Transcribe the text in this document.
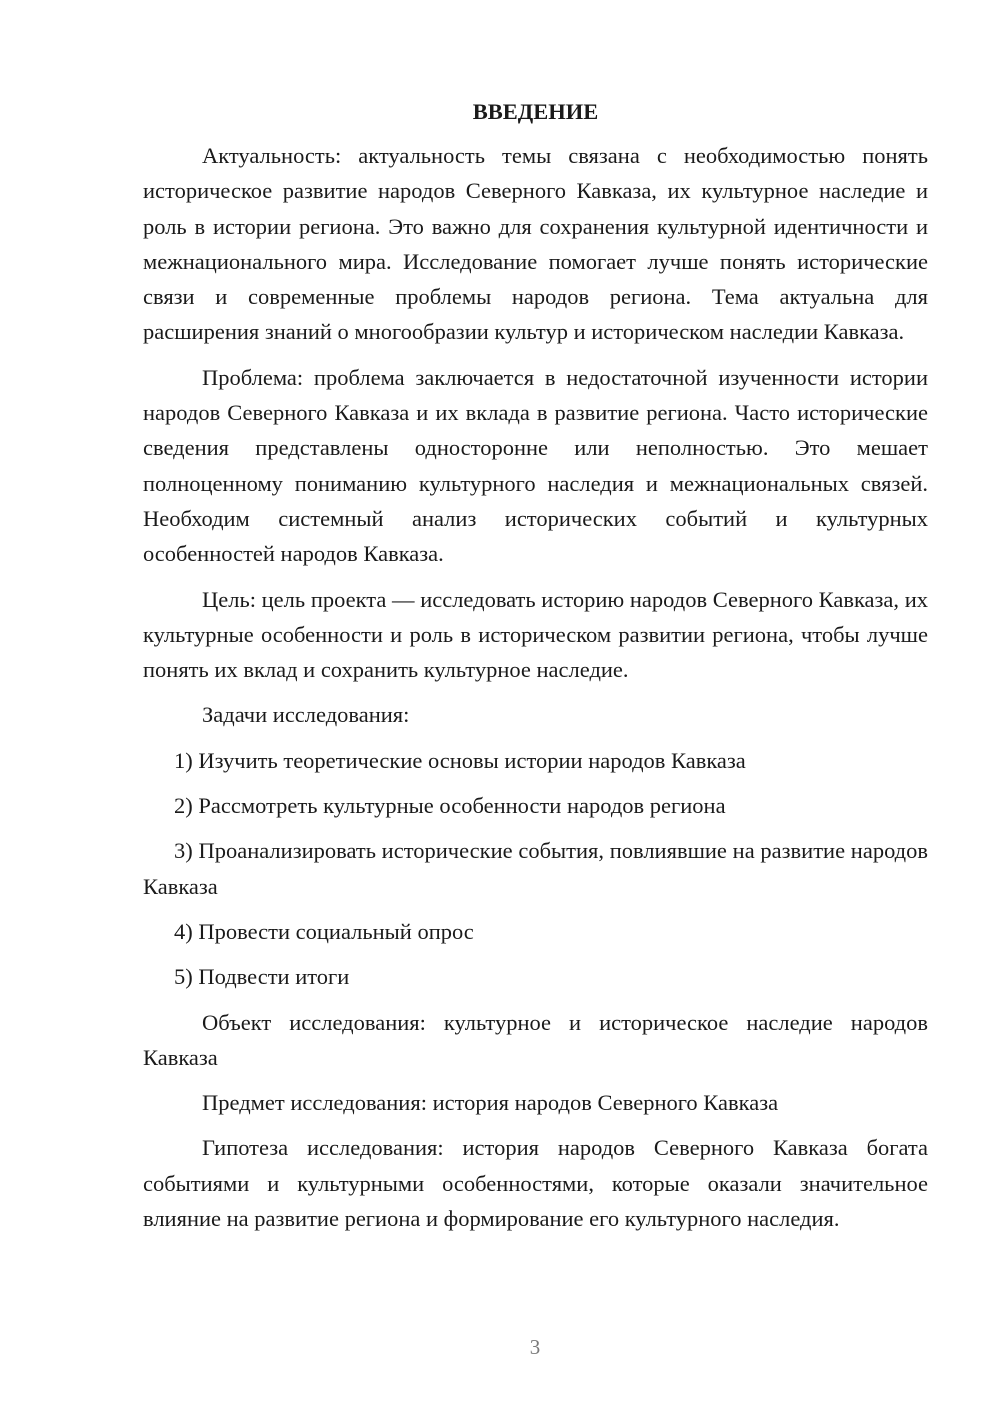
ВВЕДЕНИЕ

Актуальность: актуальность темы связана с необходимостью понять историческое развитие народов Северного Кавказа, их культурное наследие и роль в истории региона. Это важно для сохранения культурной идентичности и межнационального мира. Исследование помогает лучше понять исторические связи и современные проблемы народов региона. Тема актуальна для расширения знаний о многообразии культур и историческом наследии Кавказа.

Проблема: проблема заключается в недостаточной изученности истории народов Северного Кавказа и их вклада в развитие региона. Часто исторические сведения представлены односторонне или неполностью. Это мешает полноценному пониманию культурного наследия и межнациональных связей. Необходим системный анализ исторических событий и культурных особенностей народов Кавказа.

Цель: цель проекта — исследовать историю народов Северного Кавказа, их культурные особенности и роль в историческом развитии региона, чтобы лучше понять их вклад и сохранить культурное наследие.

Задачи исследования:

1) Изучить теоретические основы истории народов Кавказа

2) Рассмотреть культурные особенности народов региона

3) Проанализировать исторические события, повлиявшие на развитие народов Кавказа

4) Провести социальный опрос

5) Подвести итоги

Объект исследования: культурное и историческое наследие народов Кавказа

Предмет исследования: история народов Северного Кавказа

Гипотеза исследования: история народов Северного Кавказа богата событиями и культурными особенностями, которые оказали значительное влияние на развитие региона и формирование его культурного наследия.

3
